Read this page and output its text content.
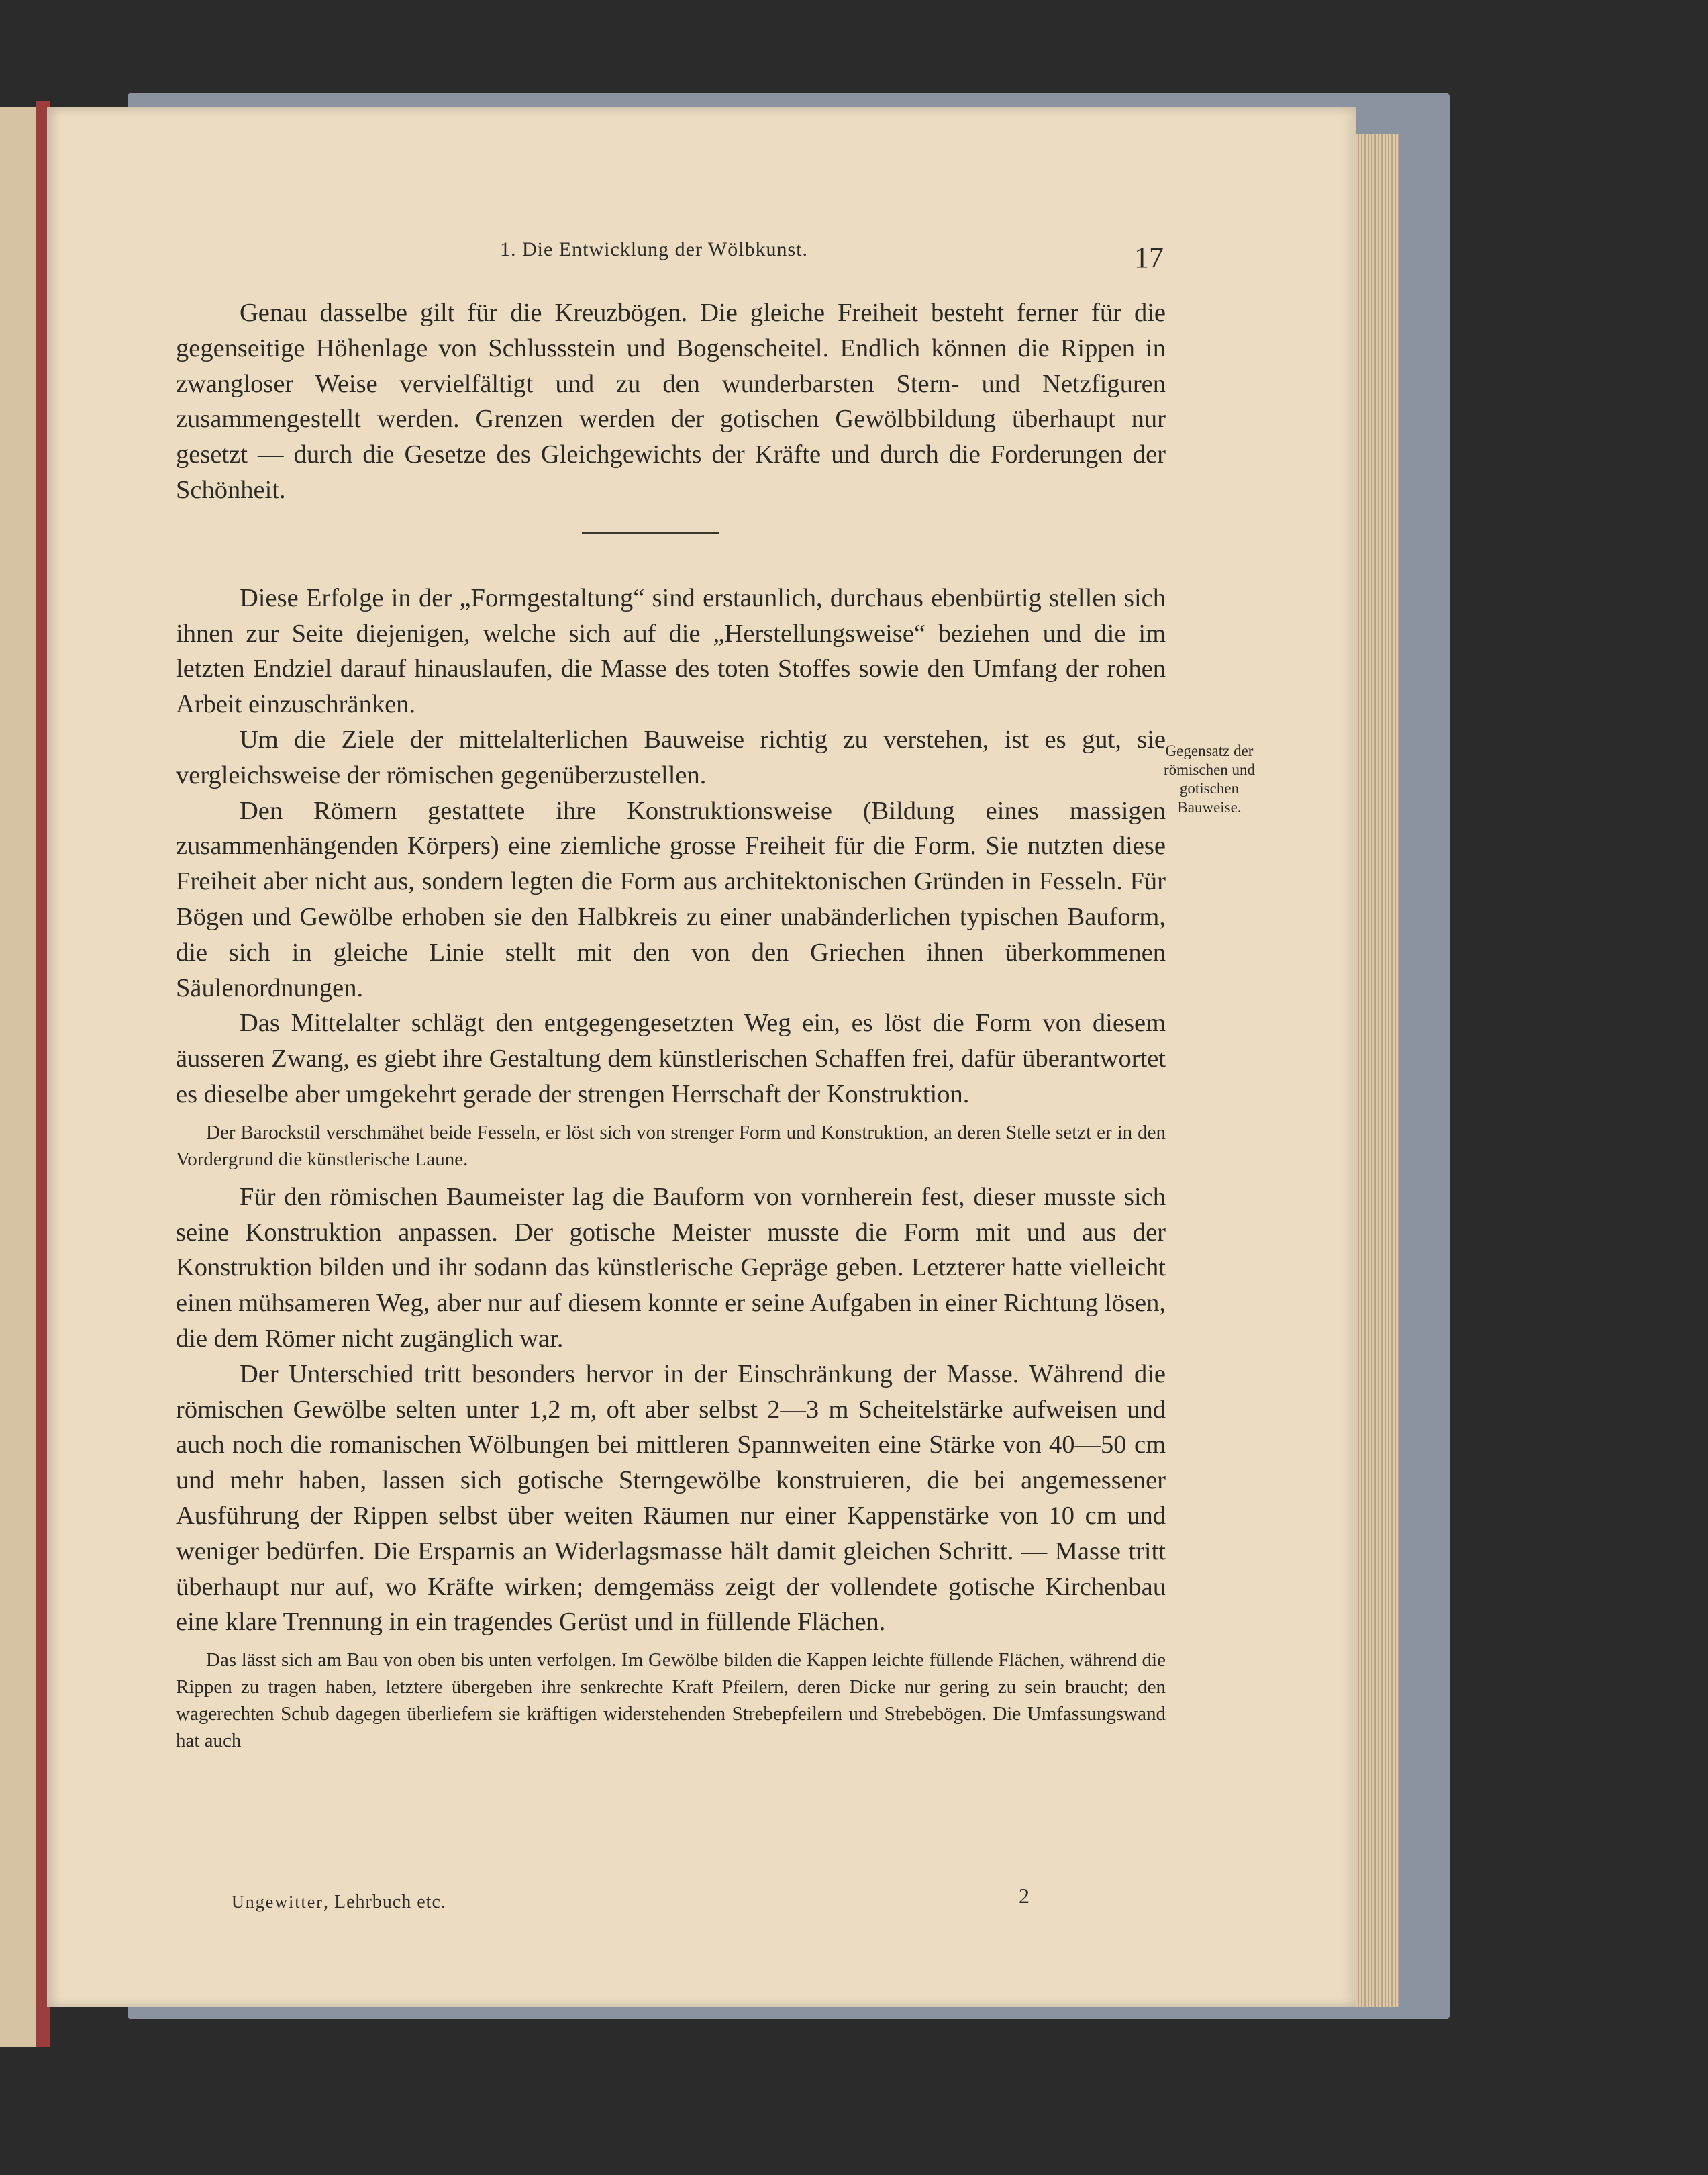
1. Die Entwicklung der Wölbkunst.	17

Genau dasselbe gilt für die Kreuzbögen. Die gleiche Freiheit besteht ferner für die gegenseitige Höhenlage von Schlussstein und Bogenscheitel. Endlich können die Rippen in zwangloser Weise vervielfältigt und zu den wunderbarsten Stern- und Netzfiguren zusammengestellt werden. Grenzen werden der gotischen Gewölbbildung überhaupt nur gesetzt — durch die Gesetze des Gleichgewichts der Kräfte und durch die Forderungen der Schönheit.

Diese Erfolge in der „Formgestaltung“ sind erstaunlich, durchaus ebenbürtig stellen sich ihnen zur Seite diejenigen, welche sich auf die „Herstellungsweise“ beziehen und die im letzten Endziel darauf hinauslaufen, die Masse des toten Stoffes sowie den Umfang der rohen Arbeit einzuschränken.

Um die Ziele der mittelalterlichen Bauweise richtig zu verstehen, ist es gut, sie vergleichsweise der römischen gegenüberzustellen.

Den Römern gestattete ihre Konstruktionsweise (Bildung eines massigen zusammenhängenden Körpers) eine ziemliche grosse Freiheit für die Form. Sie nutzten diese Freiheit aber nicht aus, sondern legten die Form aus architektonischen Gründen in Fesseln. Für Bögen und Gewölbe erhoben sie den Halbkreis zu einer unabänderlichen typischen Bauform, die sich in gleiche Linie stellt mit den von den Griechen ihnen überkommenen Säulenordnungen.

Das Mittelalter schlägt den entgegengesetzten Weg ein, es löst die Form von diesem äusseren Zwang, es giebt ihre Gestaltung dem künstlerischen Schaffen frei, dafür überantwortet es dieselbe aber umgekehrt gerade der strengen Herrschaft der Konstruktion.

Der Barockstil verschmähet beide Fesseln, er löst sich von strenger Form und Konstruktion, an deren Stelle setzt er in den Vordergrund die künstlerische Laune.

Für den römischen Baumeister lag die Bauform von vornherein fest, dieser musste sich seine Konstruktion anpassen. Der gotische Meister musste die Form mit und aus der Konstruktion bilden und ihr sodann das künstlerische Gepräge geben. Letzterer hatte vielleicht einen mühsameren Weg, aber nur auf diesem konnte er seine Aufgaben in einer Richtung lösen, die dem Römer nicht zugänglich war.

Der Unterschied tritt besonders hervor in der Einschränkung der Masse. Während die römischen Gewölbe selten unter 1,2 m, oft aber selbst 2—3 m Scheitelstärke aufweisen und auch noch die romanischen Wölbungen bei mittleren Spannweiten eine Stärke von 40—50 cm und mehr haben, lassen sich gotische Sterngewölbe konstruieren, die bei angemessener Ausführung der Rippen selbst über weiten Räumen nur einer Kappenstärke von 10 cm und weniger bedürfen. Die Ersparnis an Widerlagsmasse hält damit gleichen Schritt. — Masse tritt überhaupt nur auf, wo Kräfte wirken; demgemäss zeigt der vollendete gotische Kirchenbau eine klare Trennung in ein tragendes Gerüst und in füllende Flächen.

Das lässt sich am Bau von oben bis unten verfolgen. Im Gewölbe bilden die Kappen leichte füllende Flächen, während die Rippen zu tragen haben, letztere übergeben ihre senkrechte Kraft Pfeilern, deren Dicke nur gering zu sein braucht; den wagerechten Schub dagegen überliefern sie kräftigen widerstehenden Strebepfeilern und Strebebögen. Die Umfassungswand hat auch

Gegensatz der römischen und gotischen Bauweise.
Ungewitter, Lehrbuch etc.	2
